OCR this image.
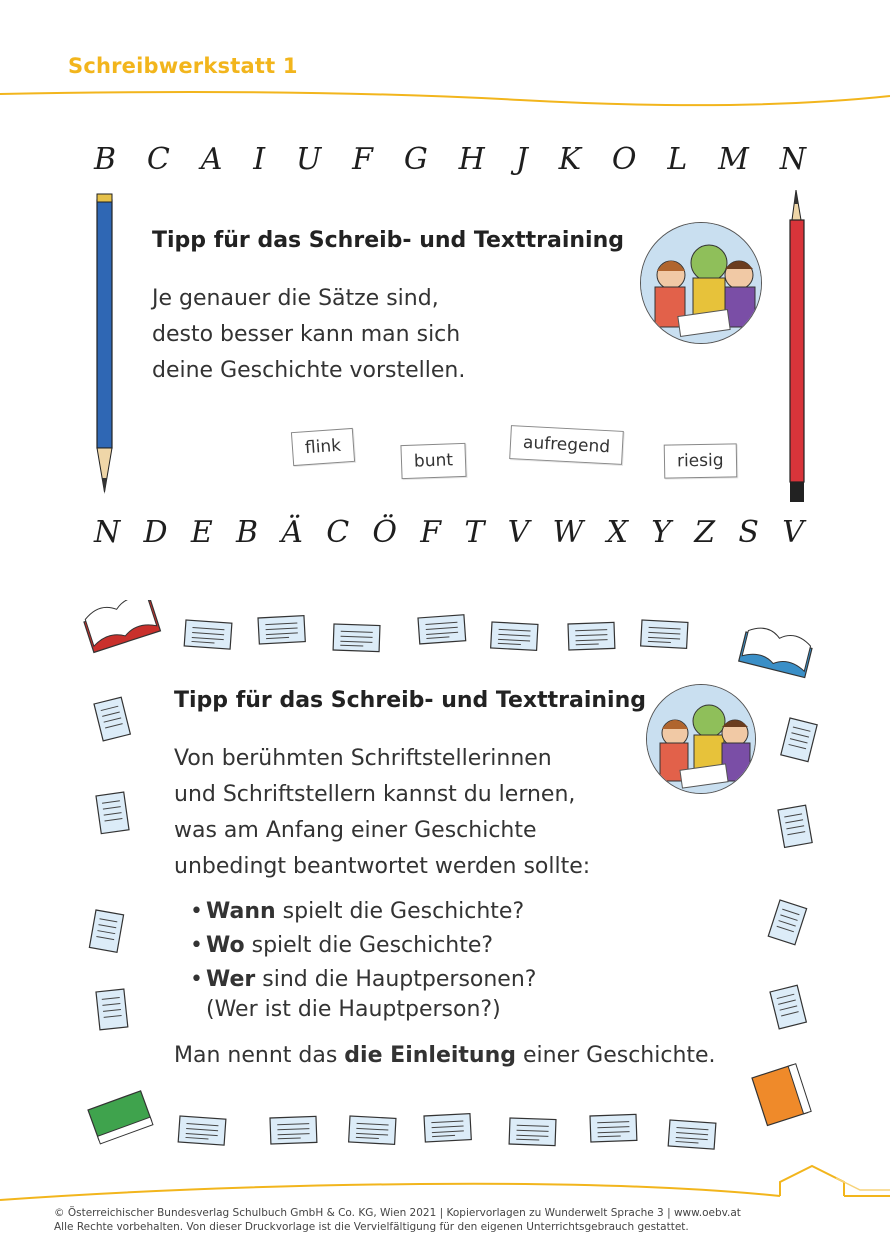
Schreibwerkstatt 1
B C A I U F G H J K O L M N
Tipp für das Schreib- und Texttraining
Je genauer die Sätze sind,
desto besser kann man sich
deine Geschichte vorstellen.
flink
bunt
aufregend
riesig
N D E B Ä C Ö F T V W X Y Z S V
Tipp für das Schreib- und Texttraining
Von berühmten Schriftstellerinnen
und Schriftstellern kannst du lernen,
was am Anfang einer Geschichte
unbedingt beantwortet werden sollte:
• Wann spielt die Geschichte?
• Wo spielt die Geschichte?
• Wer sind die Hauptpersonen?
(Wer ist die Hauptperson?)
Man nennt das die Einleitung einer Geschichte.
© Österreichischer Bundesverlag Schulbuch GmbH & Co. KG, Wien 2021 | Kopiervorlagen zu Wunderwelt Sprache 3 | www.oebv.at
Alle Rechte vorbehalten. Von dieser Druckvorlage ist die Vervielfältigung für den eigenen Unterrichtsgebrauch gestattet.
